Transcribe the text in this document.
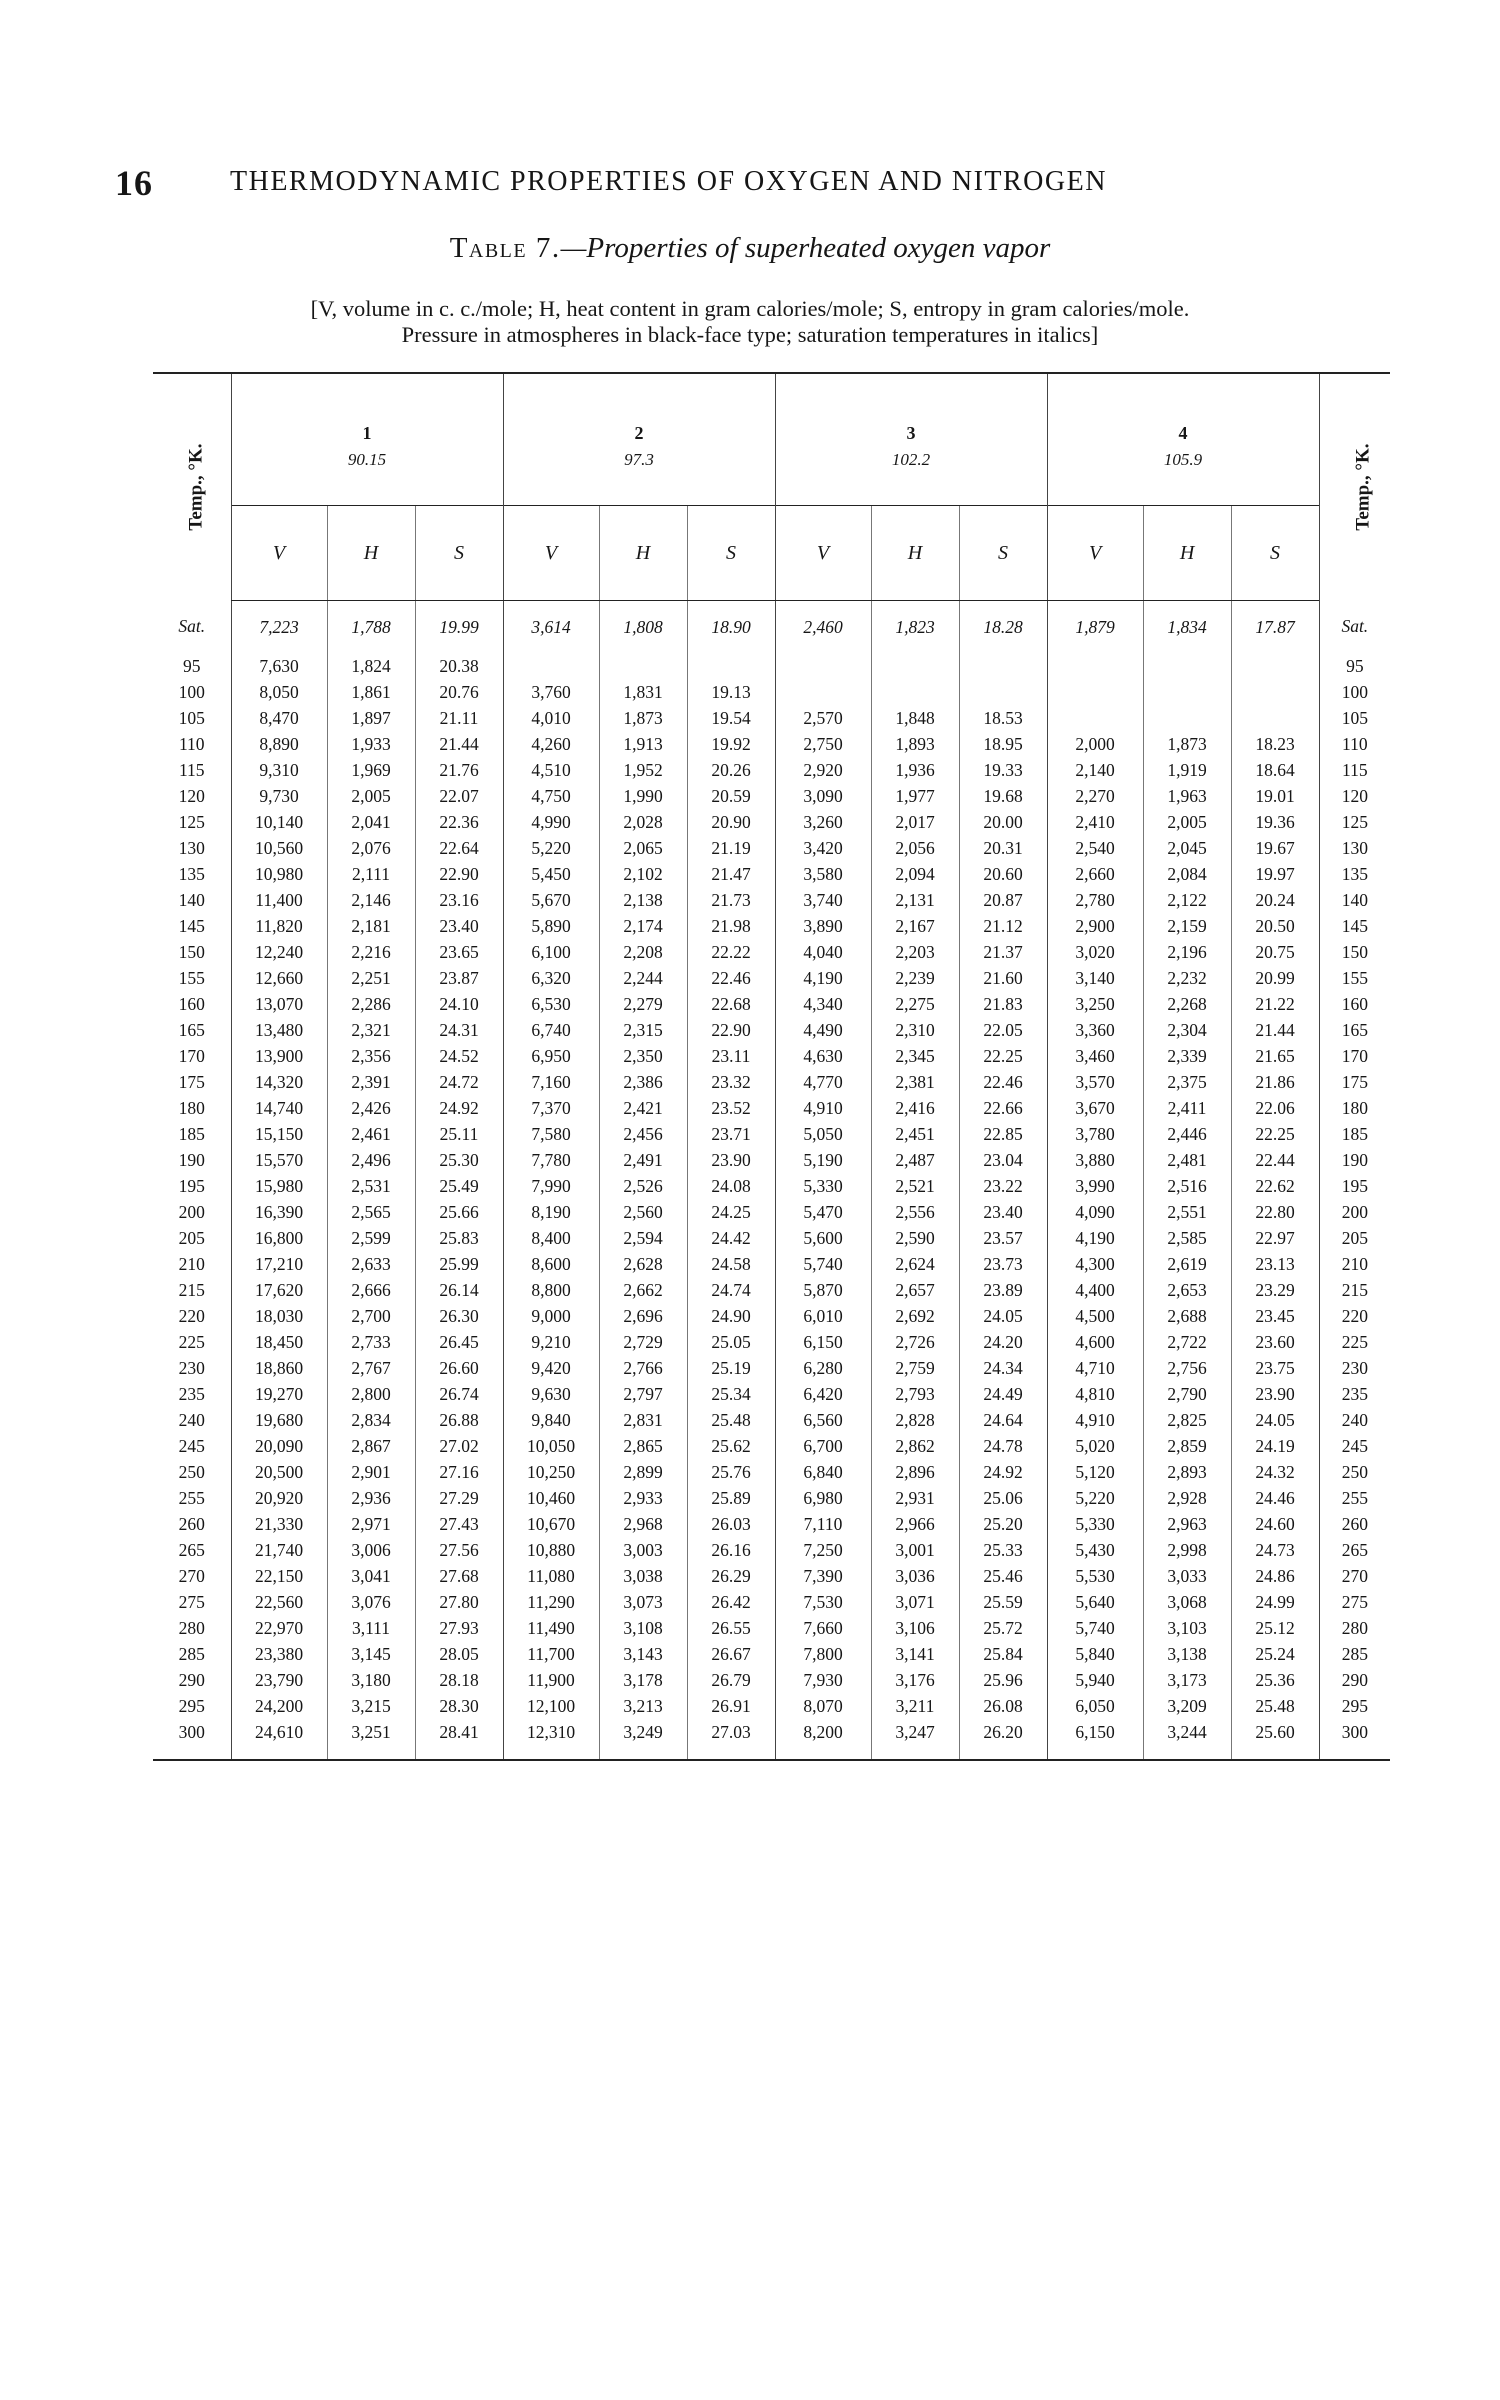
16	THERMODYNAMIC PROPERTIES OF OXYGEN AND NITROGEN
Table 7.—Properties of superheated oxygen vapor
[V, volume in c. c./mole; H, heat content in gram calories/mole; S, entropy in gram calories/mole.
Pressure in atmospheres in black-face type; saturation temperatures in italics]
Temp., °K.	1			2			3			4			Temp., °K.
	90.15			97.3			102.2			105.9			
	V	H	S	V	H	S	V	H	S	V	H	S	
Sat.	7,223	1,788	19.99	3,614	1,808	18.90	2,460	1,823	18.28	1,879	1,834	17.87	Sat.
95	7,630	1,824	20.38										95
100	8,050	1,861	20.76	3,760	1,831	19.13							100
105	8,470	1,897	21.11	4,010	1,873	19.54	2,570	1,848	18.53				105
110	8,890	1,933	21.44	4,260	1,913	19.92	2,750	1,893	18.95	2,000	1,873	18.23	110
115	9,310	1,969	21.76	4,510	1,952	20.26	2,920	1,936	19.33	2,140	1,919	18.64	115
120	9,730	2,005	22.07	4,750	1,990	20.59	3,090	1,977	19.68	2,270	1,963	19.01	120
125	10,140	2,041	22.36	4,990	2,028	20.90	3,260	2,017	20.00	2,410	2,005	19.36	125
130	10,560	2,076	22.64	5,220	2,065	21.19	3,420	2,056	20.31	2,540	2,045	19.67	130
135	10,980	2,111	22.90	5,450	2,102	21.47	3,580	2,094	20.60	2,660	2,084	19.97	135
140	11,400	2,146	23.16	5,670	2,138	21.73	3,740	2,131	20.87	2,780	2,122	20.24	140
145	11,820	2,181	23.40	5,890	2,174	21.98	3,890	2,167	21.12	2,900	2,159	20.50	145
150	12,240	2,216	23.65	6,100	2,208	22.22	4,040	2,203	21.37	3,020	2,196	20.75	150
155	12,660	2,251	23.87	6,320	2,244	22.46	4,190	2,239	21.60	3,140	2,232	20.99	155
160	13,070	2,286	24.10	6,530	2,279	22.68	4,340	2,275	21.83	3,250	2,268	21.22	160
165	13,480	2,321	24.31	6,740	2,315	22.90	4,490	2,310	22.05	3,360	2,304	21.44	165
170	13,900	2,356	24.52	6,950	2,350	23.11	4,630	2,345	22.25	3,460	2,339	21.65	170
175	14,320	2,391	24.72	7,160	2,386	23.32	4,770	2,381	22.46	3,570	2,375	21.86	175
180	14,740	2,426	24.92	7,370	2,421	23.52	4,910	2,416	22.66	3,670	2,411	22.06	180
185	15,150	2,461	25.11	7,580	2,456	23.71	5,050	2,451	22.85	3,780	2,446	22.25	185
190	15,570	2,496	25.30	7,780	2,491	23.90	5,190	2,487	23.04	3,880	2,481	22.44	190
195	15,980	2,531	25.49	7,990	2,526	24.08	5,330	2,521	23.22	3,990	2,516	22.62	195
200	16,390	2,565	25.66	8,190	2,560	24.25	5,470	2,556	23.40	4,090	2,551	22.80	200
205	16,800	2,599	25.83	8,400	2,594	24.42	5,600	2,590	23.57	4,190	2,585	22.97	205
210	17,210	2,633	25.99	8,600	2,628	24.58	5,740	2,624	23.73	4,300	2,619	23.13	210
215	17,620	2,666	26.14	8,800	2,662	24.74	5,870	2,657	23.89	4,400	2,653	23.29	215
220	18,030	2,700	26.30	9,000	2,696	24.90	6,010	2,692	24.05	4,500	2,688	23.45	220
225	18,450	2,733	26.45	9,210	2,729	25.05	6,150	2,726	24.20	4,600	2,722	23.60	225
230	18,860	2,767	26.60	9,420	2,766	25.19	6,280	2,759	24.34	4,710	2,756	23.75	230
235	19,270	2,800	26.74	9,630	2,797	25.34	6,420	2,793	24.49	4,810	2,790	23.90	235
240	19,680	2,834	26.88	9,840	2,831	25.48	6,560	2,828	24.64	4,910	2,825	24.05	240
245	20,090	2,867	27.02	10,050	2,865	25.62	6,700	2,862	24.78	5,020	2,859	24.19	245
250	20,500	2,901	27.16	10,250	2,899	25.76	6,840	2,896	24.92	5,120	2,893	24.32	250
255	20,920	2,936	27.29	10,460	2,933	25.89	6,980	2,931	25.06	5,220	2,928	24.46	255
260	21,330	2,971	27.43	10,670	2,968	26.03	7,110	2,966	25.20	5,330	2,963	24.60	260
265	21,740	3,006	27.56	10,880	3,003	26.16	7,250	3,001	25.33	5,430	2,998	24.73	265
270	22,150	3,041	27.68	11,080	3,038	26.29	7,390	3,036	25.46	5,530	3,033	24.86	270
275	22,560	3,076	27.80	11,290	3,073	26.42	7,530	3,071	25.59	5,640	3,068	24.99	275
280	22,970	3,111	27.93	11,490	3,108	26.55	7,660	3,106	25.72	5,740	3,103	25.12	280
285	23,380	3,145	28.05	11,700	3,143	26.67	7,800	3,141	25.84	5,840	3,138	25.24	285
290	23,790	3,180	28.18	11,900	3,178	26.79	7,930	3,176	25.96	5,940	3,173	25.36	290
295	24,200	3,215	28.30	12,100	3,213	26.91	8,070	3,211	26.08	6,050	3,209	25.48	295
300	24,610	3,251	28.41	12,310	3,249	27.03	8,200	3,247	26.20	6,150	3,244	25.60	300
